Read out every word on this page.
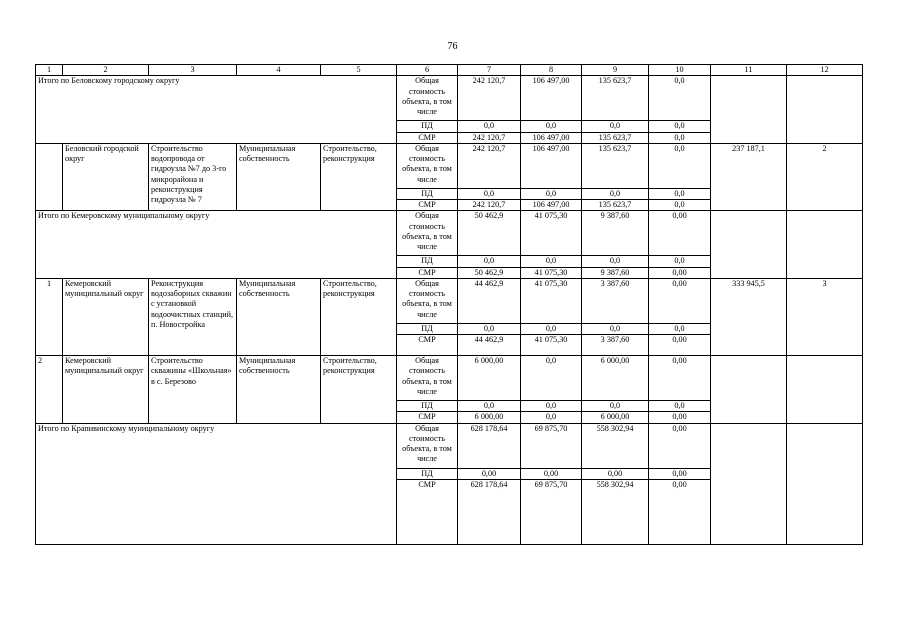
76
1	2	3	4	5	6	7	8	9	10	11	12
Итого по Беловскому городскому округу					Общая стоимость объекта, в том числе	242 120,7	106 497,00	135 623,7	0,0		
					ПД	0,0	0,0	0,0	0,0		
					СМР	242 120,7	106 497,00	135 623,7	0,0		
	Беловский городской округ	Строительство водопровода от гидроузла №7 до 3-го микрорайона и реконструкция гидроузла № 7	Муниципальная собственность	Строительство, реконструкция	Общая стоимость объекта, в том числе	242 120,7	106 497,00	135 623,7	0,0	237 187,1	2
					ПД	0,0	0,0	0,0	0,0		
					СМР	242 120,7	106 497,00	135 623,7	0,0		
Итого по Кемеровскому муниципальному округу					Общая стоимость объекта, в том числе	50 462,9	41 075,30	9 387,60	0,00		
					ПД	0,0	0,0	0,0	0,0		
					СМР	50 462,9	41 075,30	9 387,60	0,00		
1	Кемеровский муниципальный округ	Реконструкция водозаборных скважин с установкой водоочистных станций, п. Новостройка	Муниципальная собственность	Строительство, реконструкция	Общая стоимость объекта, в том числе	44 462,9	41 075,30	3 387,60	0,00	333 945,5	3
					ПД	0,0	0,0	0,0	0,0		
					СМР	44 462,9	41 075,30	3 387,60	0,00		
2	Кемеровский муниципальный округ	Строительство скважины «Школьная» в с. Березово	Муниципальная собственность	Строительство, реконструкция	Общая стоимость объекта, в том числе	6 000,00	0,0	6 000,00	0,00		
					ПД	0,0	0,0	0,0	0,0		
					СМР	6 000,00	0,0	6 000,00	0,00		
Итого по Крапивинскому муниципальному округу					Общая стоимость объекта, в том числе	628 178,64	69 875,70	558 302,94	0,00		
					ПД	0,00	0,00	0,00	0,00		
					СМР	628 178,64	69 875,70	558 302,94	0,00		
